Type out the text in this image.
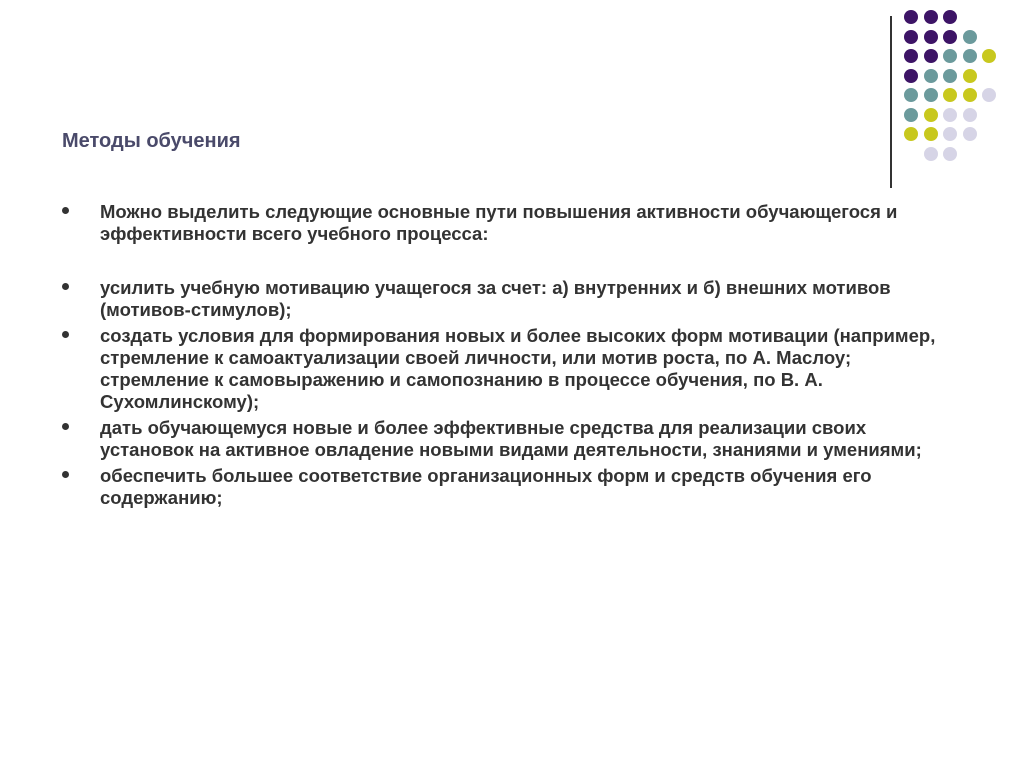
Методы обучения
Можно выделить следующие основные пути повышения активности обучающегося и эффективности всего учебного процесса:
усилить учебную мотивацию учащегося за счет: а) внутренних и б) внешних мотивов (мотивов-стимулов);
создать условия для формирования новых и более высоких форм мотивации (например, стремление к самоактуализации своей личности, или мотив роста, по А. Маслоу; стремление к самовыражению и самопознанию в процессе обучения, по В. А. Сухомлинскому);
дать обучающемуся новые и более эффективные средства для реализации своих установок на активное овладение новыми видами деятельности, знаниями и умениями;
обеспечить большее соответствие организационных форм и средств обучения его содержанию;
